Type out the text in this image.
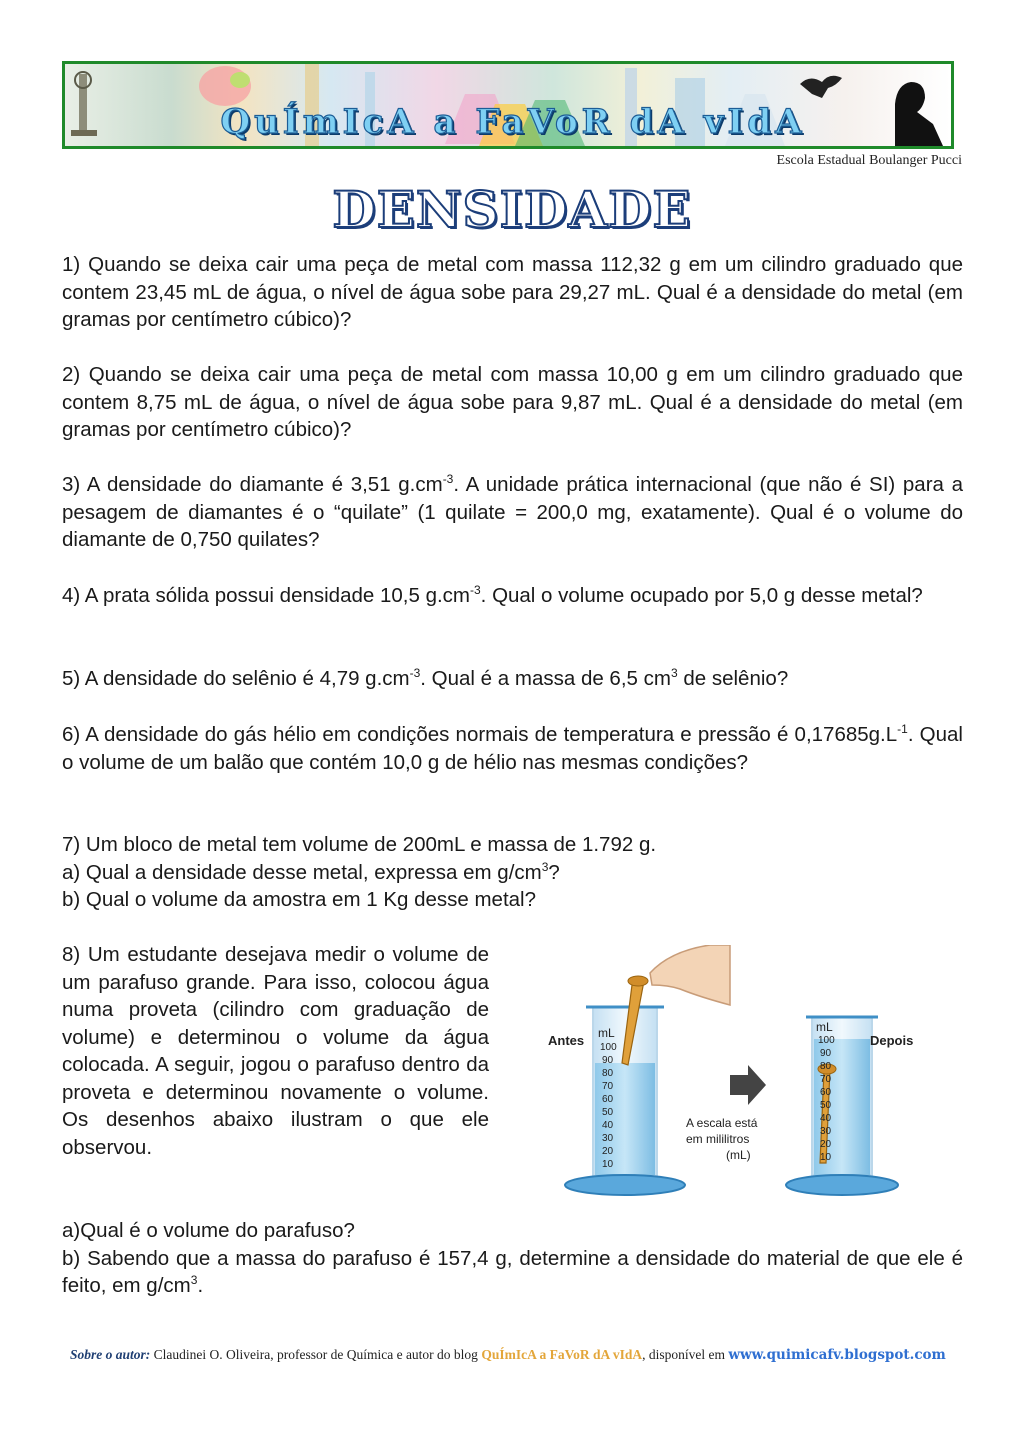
QuÍmIcA a FaVoR dA vIdA
Escola Estadual Boulanger Pucci
DENSIDADE

1) Quando se deixa cair uma peça de metal com massa 112,32 g em um cilindro graduado que contem 23,45 mL de água, o nível de água sobe para 29,27 mL. Qual é a densidade do metal (em gramas por centímetro cúbico)?

2) Quando se deixa cair uma peça de metal com massa 10,00 g em um cilindro graduado que contem 8,75 mL de água, o nível de água sobe para 9,87 mL. Qual é a densidade do metal (em gramas por centímetro cúbico)?

3) A densidade do diamante é 3,51 $g.cm^{-3}$. A unidade prática internacional (que não é SI) para a pesagem de diamantes é o “quilate” (1 quilate = 200,0 mg, exatamente). Qual é o volume do diamante de 0,750 quilates?

4) A prata sólida possui densidade 10,5 $g.cm^{-3}$. Qual o volume ocupado por 5,0 g desse metal?

5) A densidade do selênio é 4,79 $g.cm^{-3}$. Qual é a massa de 6,5 $cm^3$ de selênio?

6) A densidade do gás hélio em condições normais de temperatura e pressão é $0,17685g.L^{-1}$. Qual o volume de um balão que contém 10,0 g de hélio nas mesmas condições?

7) Um bloco de metal tem volume de 200mL e massa de 1.792 g.

a) Qual a densidade desse metal, expressa em $g/cm^3$?

b) Qual o volume da amostra em 1 Kg desse metal?

8) Um estudante desejava medir o volume de um parafuso grande. Para isso, colocou água numa proveta (cilindro com graduação de volume) e determinou o volume da água colocada. A seguir, jogou o parafuso dentro da proveta e determinou novamente o volume. Os desenhos abaixo ilustram o que ele observou.

mL
100
90
80
70
60
50
40
30
20
10
Antes
A escala está
em mililitros
(mL)
mL
100
90
80
70
60
50
40
30
20
10
Depois

a)Qual é o volume do parafuso?

b) Sabendo que a massa do parafuso é 157,4 g, determine a densidade do material de que ele é feito, em $g/cm^3$.

Sobre o autor: Claudinei O. Oliveira, professor de Química e autor do blog QuÍmIcA a FaVoR dA vIdA, disponível em www.quimicafv.blogspot.com
